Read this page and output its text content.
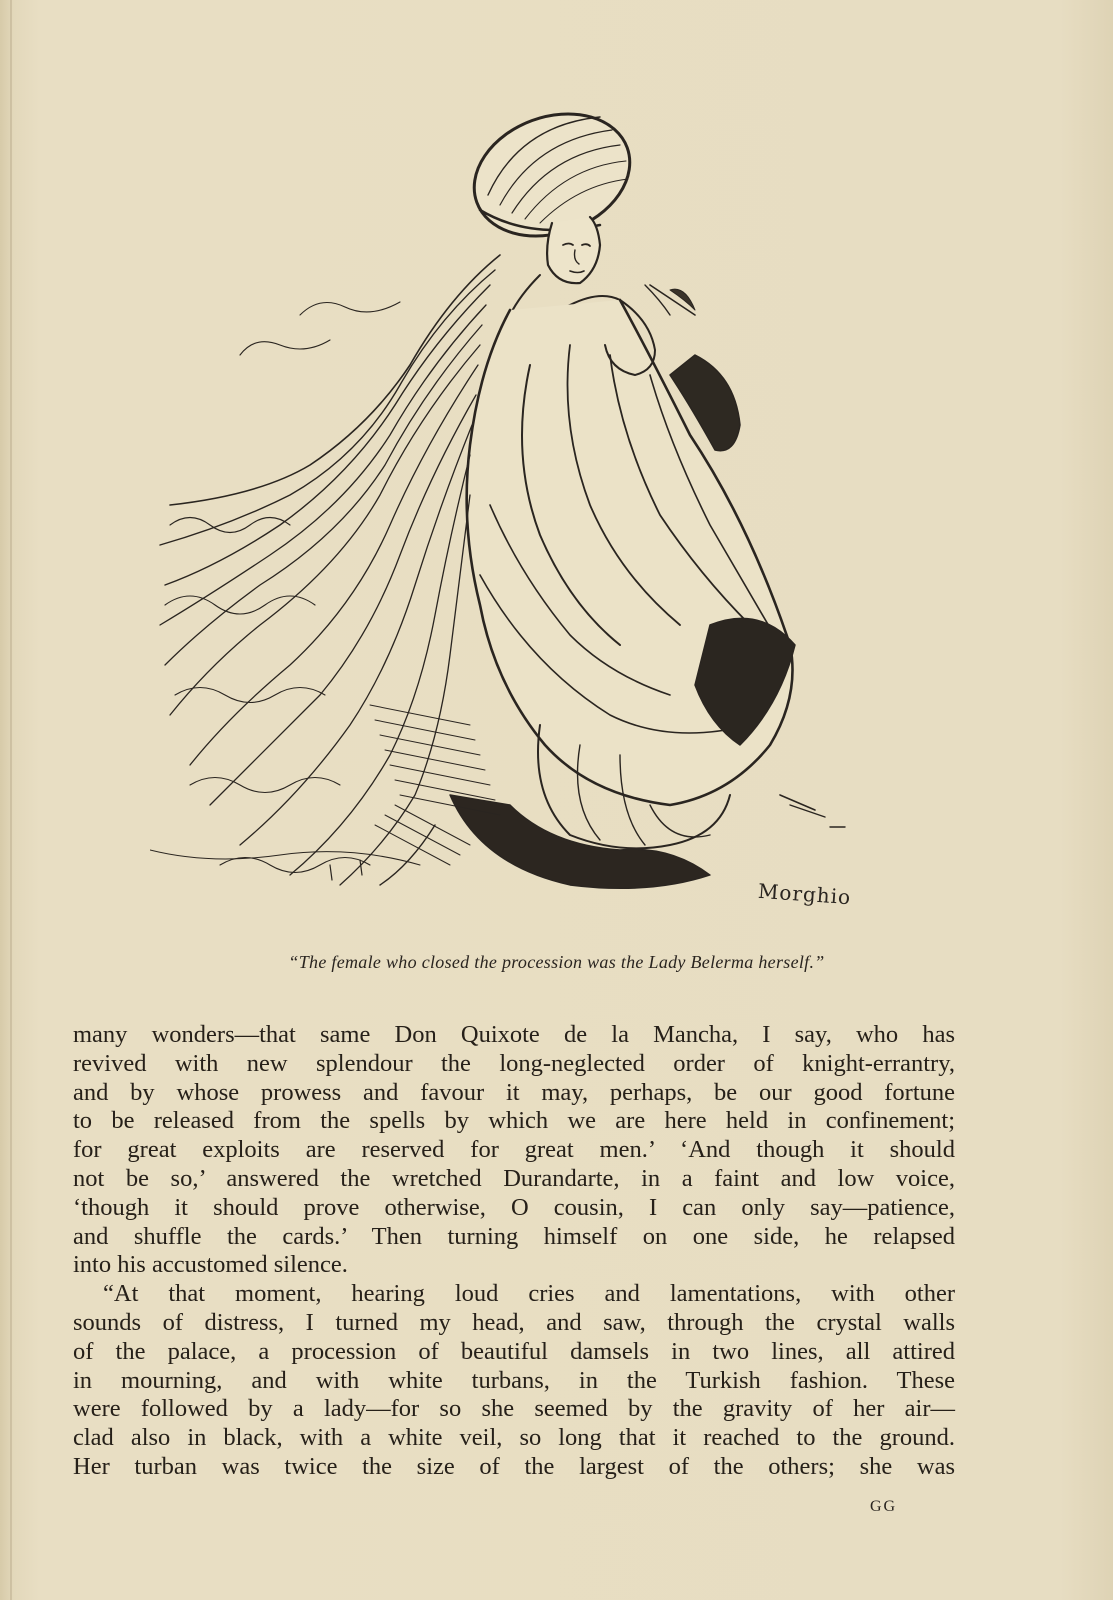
Morghio
“The female who closed the procession was the Lady Belerma herself.”
many wonders—that same Don Quixote de la Mancha, I say, who has
revived with new splendour the long-neglected order of knight-errantry,
and by whose prowess and favour it may, perhaps, be our good fortune
to be released from the spells by which we are here held in confinement;
for great exploits are reserved for great men.’ ‘And though it should
not be so,’ answered the wretched Durandarte, in a faint and low voice,
‘though it should prove otherwise, O cousin, I can only say—patience,
and shuffle the cards.’ Then turning himself on one side, he relapsed
into his accustomed silence.
“At that moment, hearing loud cries and lamentations, with other
sounds of distress, I turned my head, and saw, through the crystal walls
of the palace, a procession of beautiful damsels in two lines, all attired
in mourning, and with white turbans, in the Turkish fashion. These
were followed by a lady—for so she seemed by the gravity of her air—
clad also in black, with a white veil, so long that it reached to the ground.
Her turban was twice the size of the largest of the others; she was
GG
